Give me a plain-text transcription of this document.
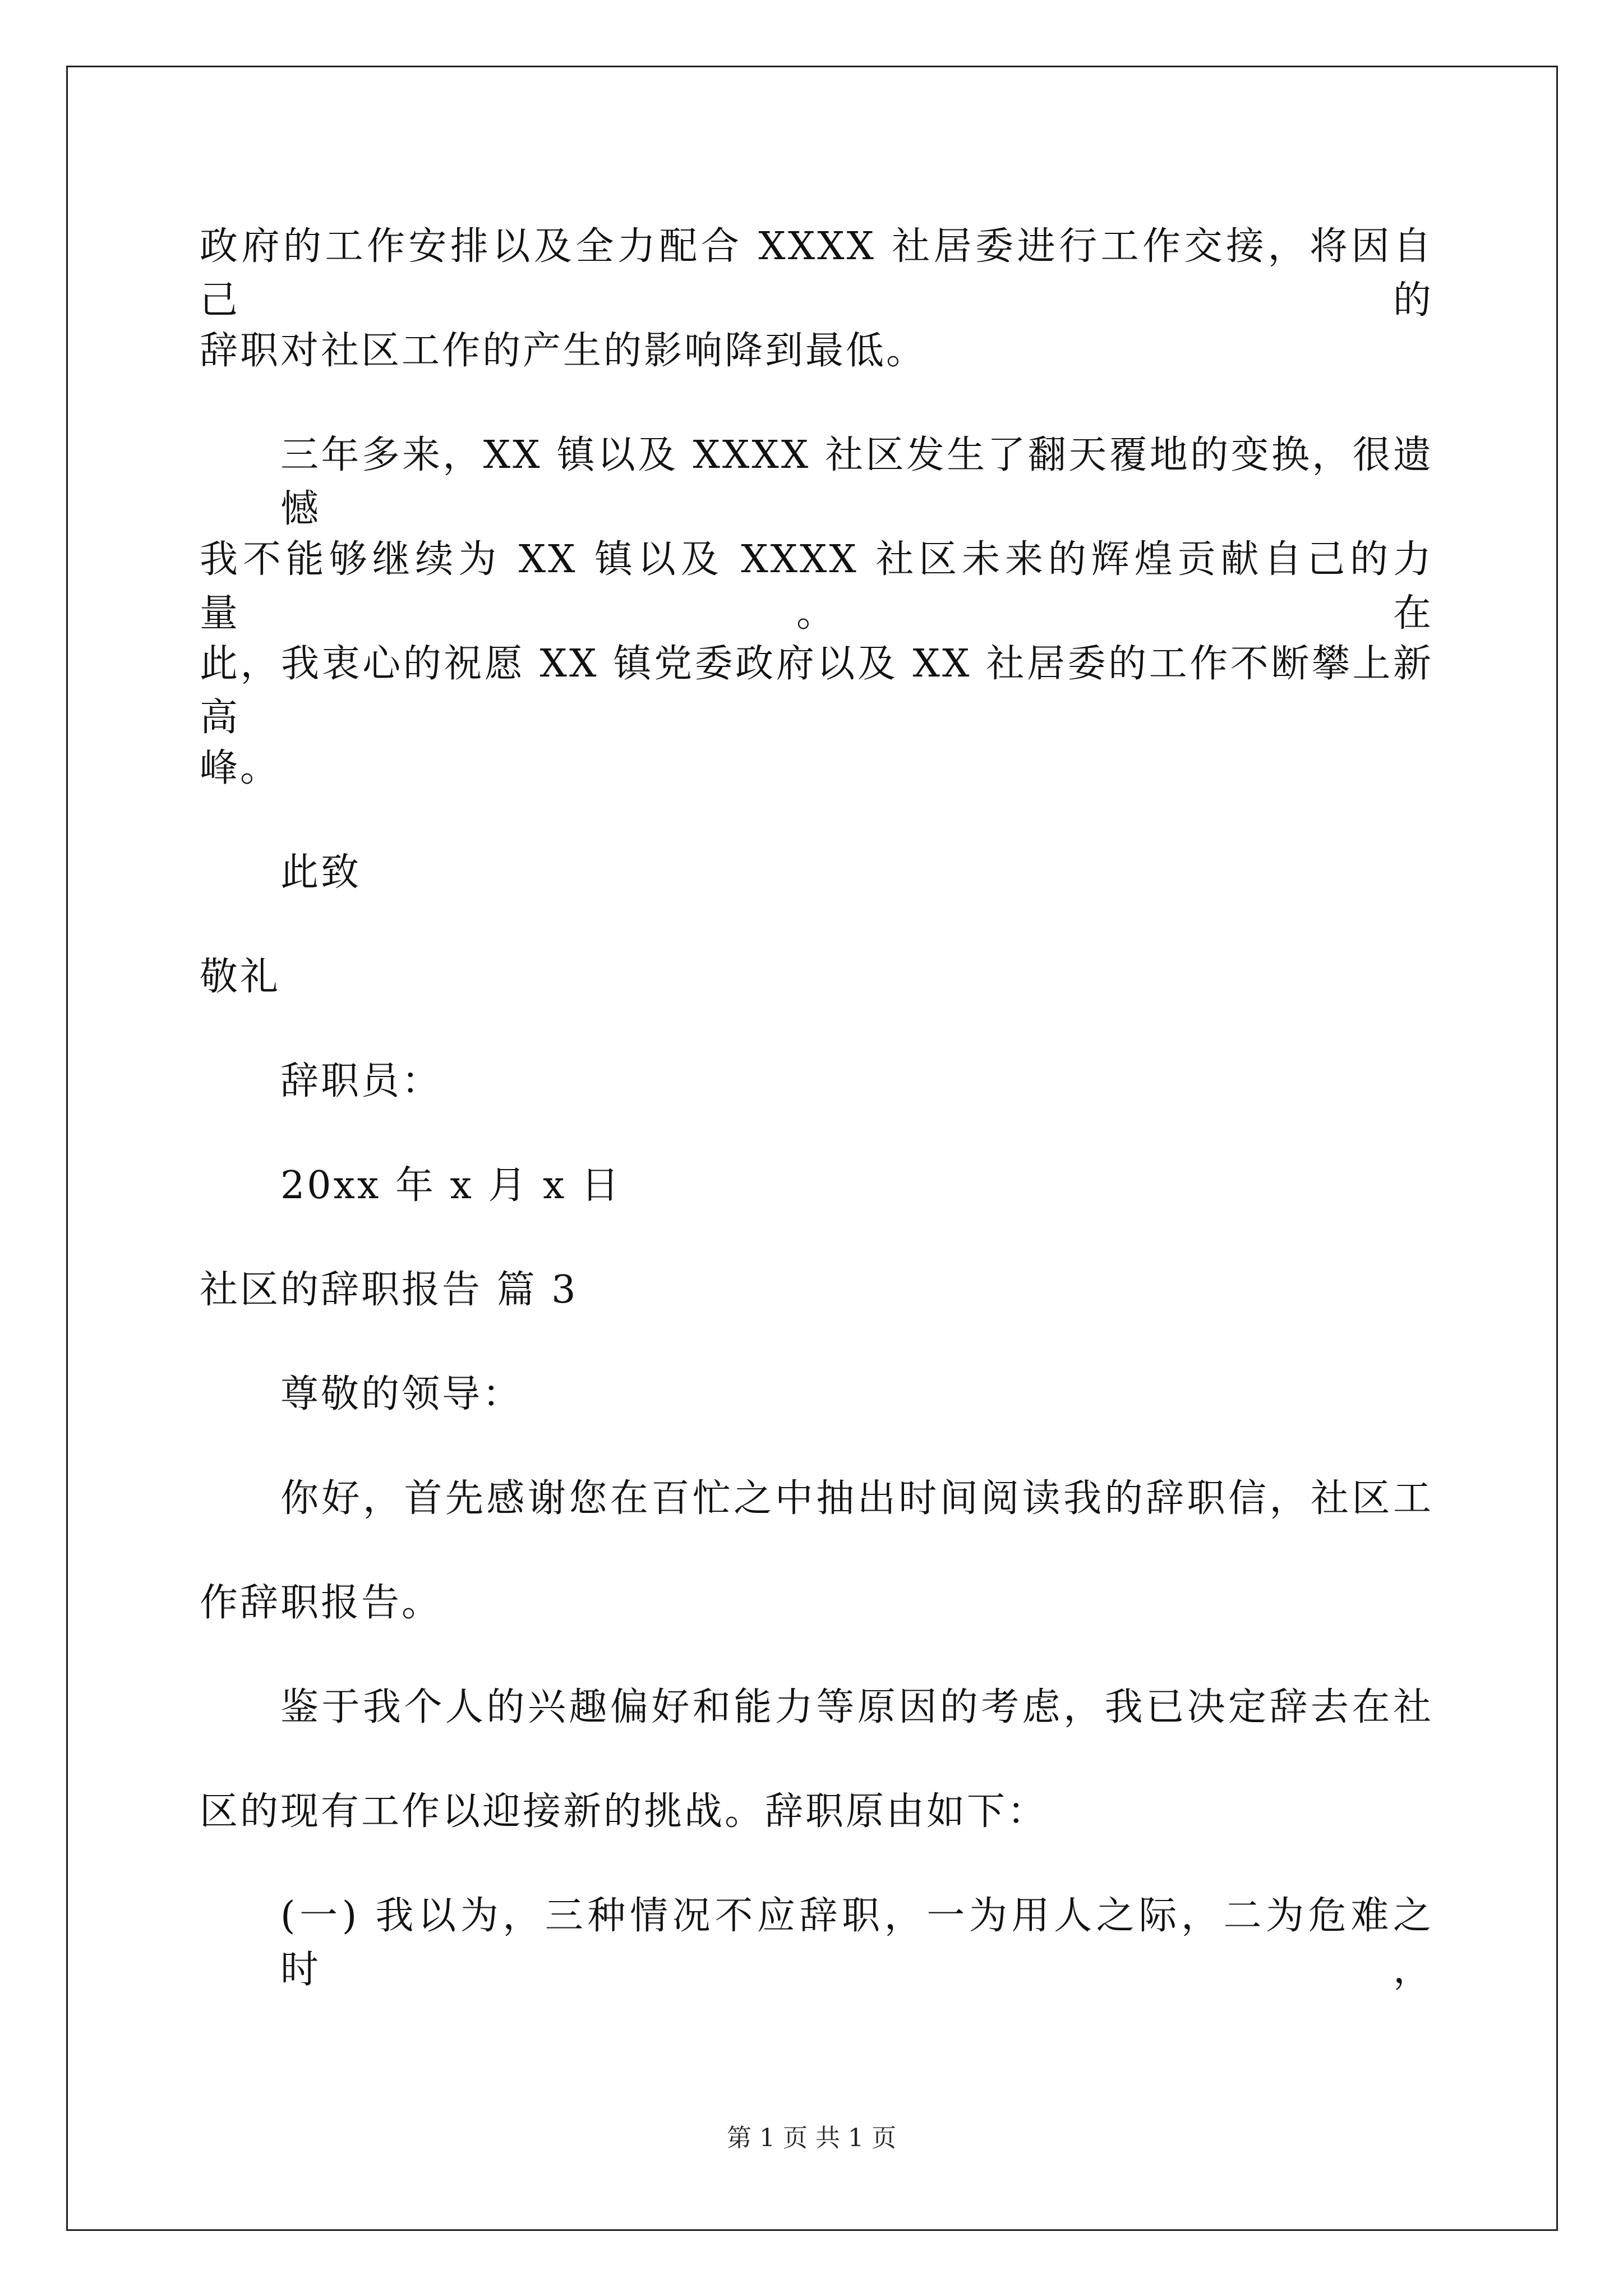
政府的工作安排以及全力配合 XXXX 社居委进行工作交接，将因自己的
辞职对社区工作的产生的影响降到最低。
三年多来，XX 镇以及 XXXX 社区发生了翻天覆地的变换，很遗憾
我不能够继续为 XX 镇以及 XXXX 社区未来的辉煌贡献自己的力量。在
此，我衷心的祝愿 XX 镇党委政府以及 XX 社居委的工作不断攀上新高
峰。
此致
敬礼
辞职员：
20xx 年 x 月 x 日
社区的辞职报告 篇 3
尊敬的领导：
你好，首先感谢您在百忙之中抽出时间阅读我的辞职信，社区工
作辞职报告。
鉴于我个人的兴趣偏好和能力等原因的考虑，我已决定辞去在社
区的现有工作以迎接新的挑战。辞职原由如下：
(一) 我以为，三种情况不应辞职，一为用人之际，二为危难之时，
第 1 页 共 1 页
